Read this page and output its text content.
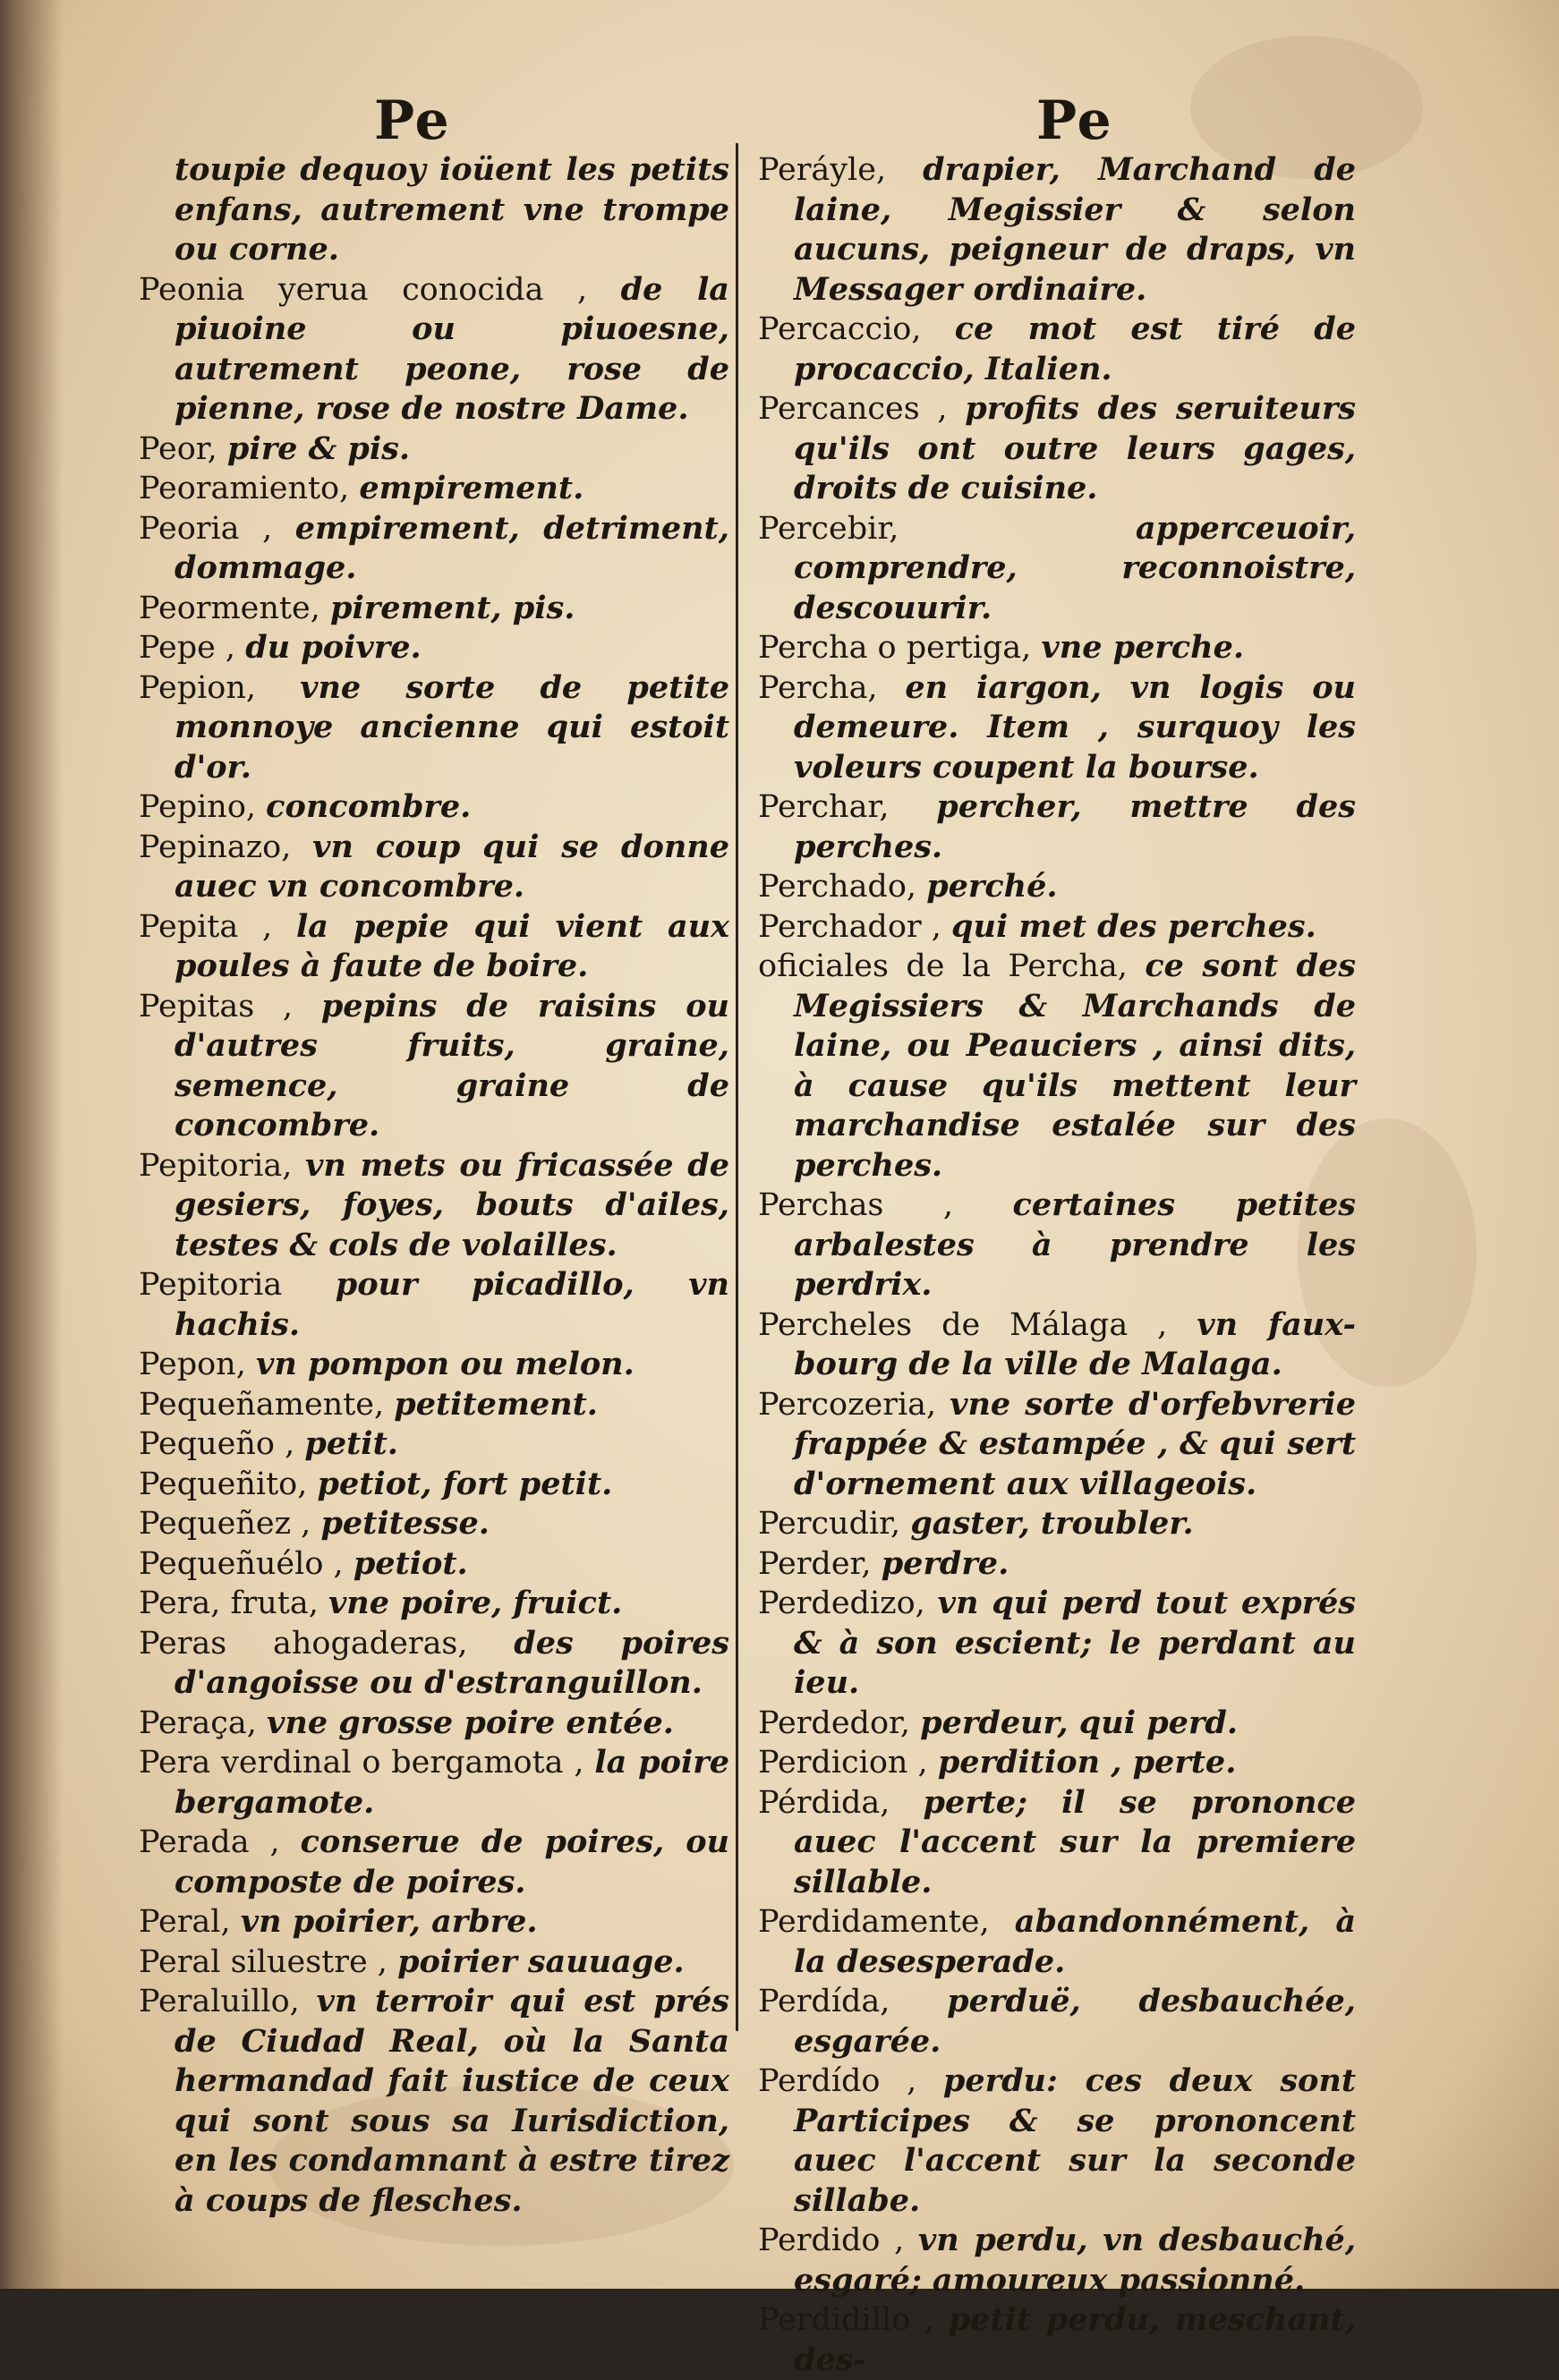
Pe	Pe

toupie dequoy ioüent les petits enfans, autrement vne trompe ou corne.

Peonia yerua conocida , de la piuoine ou piuoesne, autrement peone, rose de pienne, rose de nostre Dame.

Peor, pire & pis.

Peoramiento, empirement.

Peoria , empirement, detriment, dommage.

Peormente, pirement, pis.

Pepe , du poivre.

Pepion, vne sorte de petite monnoye ancienne qui estoit d'or.

Pepino, concombre.

Pepinazo, vn coup qui se donne auec vn concombre.

Pepita , la pepie qui vient aux poules à faute de boire.

Pepitas , pepins de raisins ou d'autres fruits, graine, semence, graine de concombre.

Pepitoria, vn mets ou fricassée de gesiers, foyes, bouts d'ailes, testes & cols de volailles.

Pepitoria pour picadillo, vn hachis.

Pepon, vn pompon ou melon.

Pequeñamente, petitement.

Pequeño , petit.

Pequeñito, petiot, fort petit.

Pequeñez , petitesse.

Pequeñuélo , petiot.

Pera, fruta, vne poire, fruict.

Peras ahogaderas, des poires d'angoisse ou d'estranguillon.

Peraça, vne grosse poire entée.

Pera verdinal o bergamota , la poire bergamote.

Perada , conserue de poires, ou composte de poires.

Peral, vn poirier, arbre.

Peral siluestre , poirier sauuage.

Peraluillo, vn terroir qui est prés de Ciudad Real, où la Santa hermandad fait iustice de ceux qui sont sous sa Iurisdiction, en les condamnant à estre tirez à coups de flesches.

Peráyle, drapier, Marchand de laine, Megissier & selon aucuns, peigneur de draps, vn Messager ordinaire.

Percaccio, ce mot est tiré de procaccio, Italien.

Percances , profits des seruiteurs qu'ils ont outre leurs gages, droits de cuisine.

Percebir,	apperceuoir, comprendre, reconnoistre, descouurir.

Percha o pertiga, vne perche.

Percha, en iargon, vn logis ou demeure. Item , surquoy les voleurs coupent la bourse.

Perchar, percher, mettre des perches.

Perchado, perché.

Perchador , qui met des perches.

oficiales de la Percha, ce sont des Megissiers & Marchands de laine, ou Peauciers , ainsi dits, à cause qu'ils mettent leur marchandise estalée sur des perches.

Perchas , certaines petites arbalestes à prendre les perdrix.

Percheles de Málaga , vn faux-bourg de la ville de Malaga.

Percozeria, vne sorte d'orfebvrerie frappée & estampée , & qui sert d'ornement aux villageois.

Percudir, gaster, troubler.

Perder, perdre.

Perdedizo, vn qui perd tout exprés & à son escient; le perdant au ieu.

Perdedor, perdeur, qui perd.

Perdicion , perdition , perte.

Pérdida, perte; il se prononce auec l'accent sur la premiere sillable.

Perdidamente, abandonnément, à la desesperade.

Perdída, perduë, desbauchée, esgarée.

Perdído , perdu: ces deux sont Participes & se prononcent auec l'accent sur la seconde sillabe.

Perdido , vn perdu, vn desbauché, esgaré; amoureux passionné.

Perdidillo , petit perdu, meschant, des-
